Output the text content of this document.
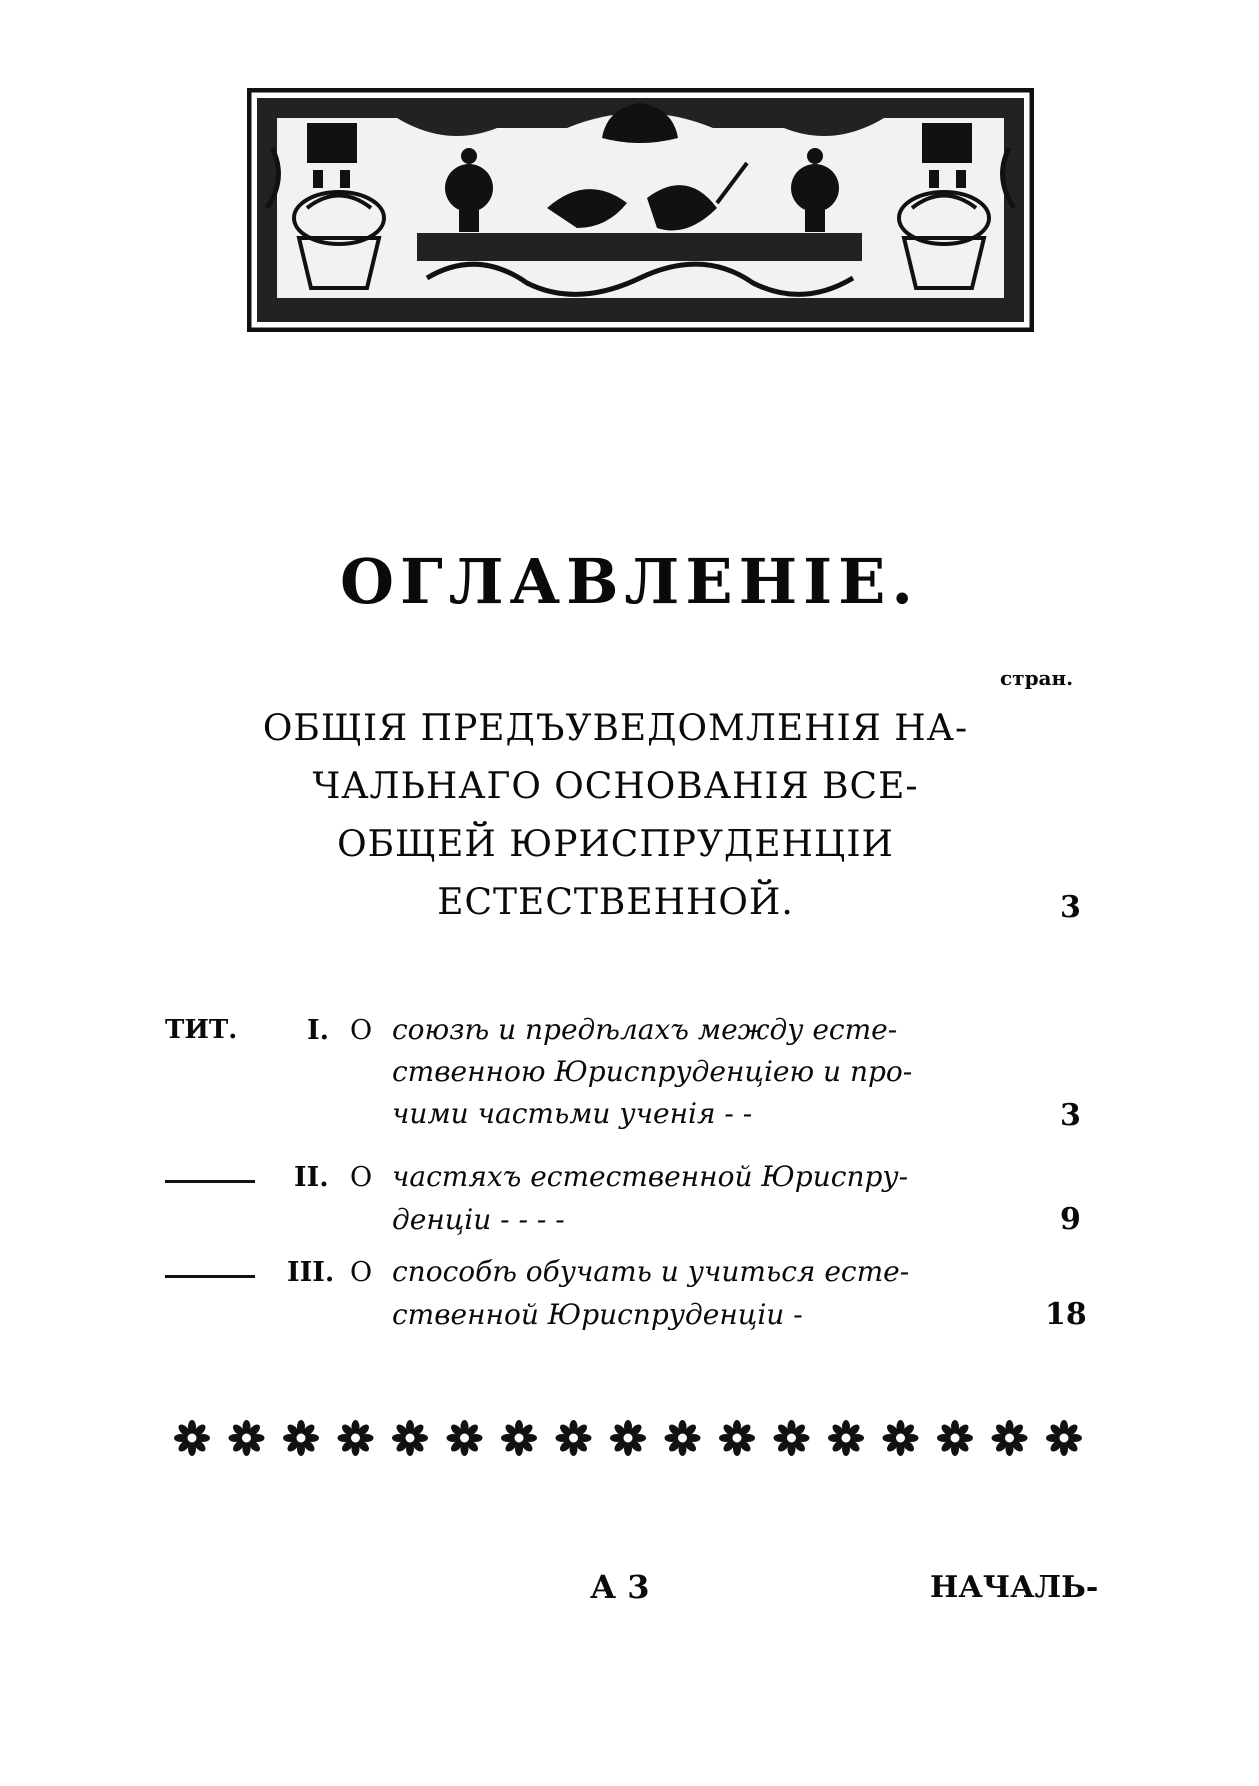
ОГЛАВЛЕНІЕ.
стран.
ОБЩІЯ ПРЕДЪУВЕДОМЛЕНІЯ НА-
ЧАЛЬНАГО ОСНОВАНІЯ ВСЕ-
ОБЩЕЙ ЮРИСПРУДЕНЦІИ
ЕСТЕСТВЕННОЙ.	3
ТИТ.	I. О союзѣ и предѣлахъ между есте-
ственною Юриспруденціею и про-
чими частьми ученія - -	3
II. О частяхъ естественной Юриспру-
денціи - - - -	9
III. О способѣ обучать и учиться есте-
ственной Юриспруденціи -	18
А 3	НАЧАЛЬ-
